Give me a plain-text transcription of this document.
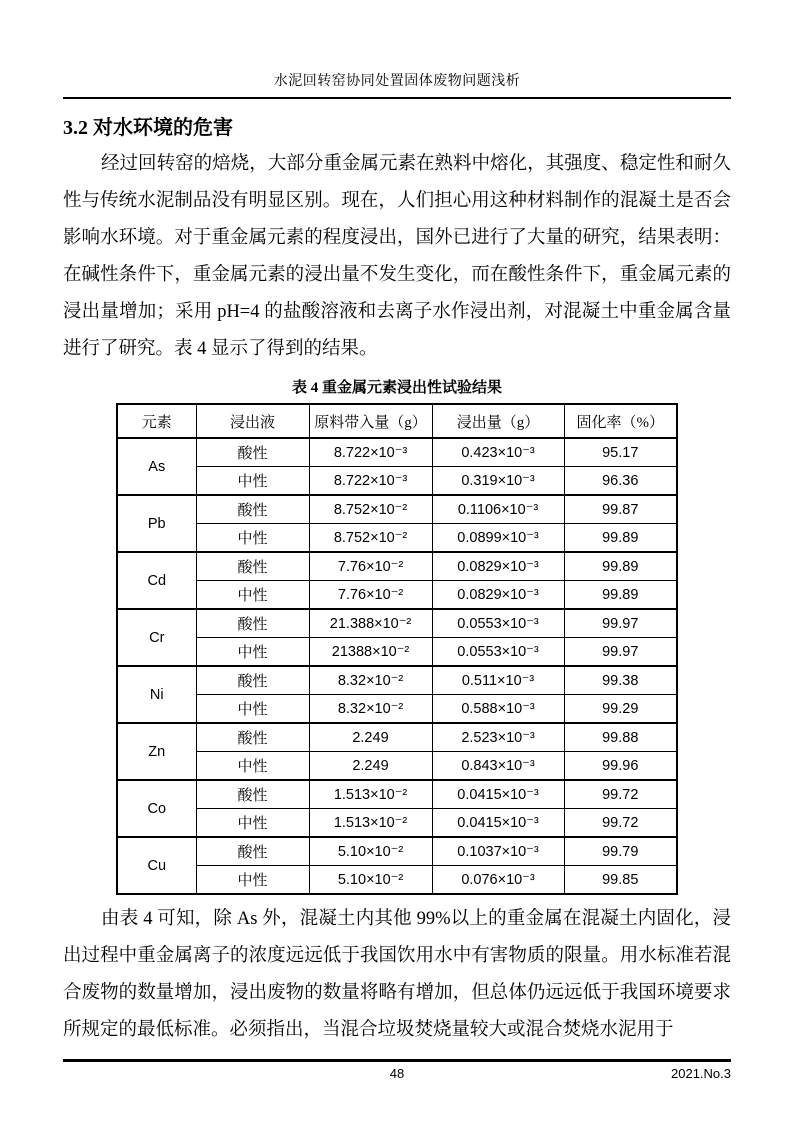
水泥回转窑协同处置固体废物问题浅析
3.2 对水环境的危害

经过回转窑的焙烧，大部分重金属元素在熟料中熔化，其强度、稳定性和耐久性与传统水泥制品没有明显区别。现在，人们担心用这种材料制作的混凝土是否会影响水环境。对于重金属元素的程度浸出，国外已进行了大量的研究，结果表明：在碱性条件下，重金属元素的浸出量不发生变化，而在酸性条件下，重金属元素的浸出量增加；采用 pH=4 的盐酸溶液和去离子水作浸出剂，对混凝土中重金属含量进行了研究。表 4 显示了得到的结果。

表 4 重金属元素浸出性试验结果
元素	浸出液	原料带入量（g）	浸出量（g）	固化率（%）
As	酸性	8.722×10⁻³	0.423×10⁻³	95.17
	中性	8.722×10⁻³	0.319×10⁻³	96.36
Pb	酸性	8.752×10⁻²	0.1106×10⁻³	99.87
	中性	8.752×10⁻²	0.0899×10⁻³	99.89
Cd	酸性	7.76×10⁻²	0.0829×10⁻³	99.89
	中性	7.76×10⁻²	0.0829×10⁻³	99.89
Cr	酸性	21.388×10⁻²	0.0553×10⁻³	99.97
	中性	21388×10⁻²	0.0553×10⁻³	99.97
Ni	酸性	8.32×10⁻²	0.511×10⁻³	99.38
	中性	8.32×10⁻²	0.588×10⁻³	99.29
Zn	酸性	2.249	2.523×10⁻³	99.88
	中性	2.249	0.843×10⁻³	99.96
Co	酸性	1.513×10⁻²	0.0415×10⁻³	99.72
	中性	1.513×10⁻²	0.0415×10⁻³	99.72
Cu	酸性	5.10×10⁻²	0.1037×10⁻³	99.79
	中性	5.10×10⁻²	0.076×10⁻³	99.85

由表 4 可知，除 As 外，混凝土内其他 99%以上的重金属在混凝土内固化，浸出过程中重金属离子的浓度远远低于我国饮用水中有害物质的限量。用水标准若混合废物的数量增加，浸出废物的数量将略有增加，但总体仍远远低于我国环境要求所规定的最低标准。必须指出，当混合垃圾焚烧量较大或混合焚烧水泥用于

48	2021.No.3
